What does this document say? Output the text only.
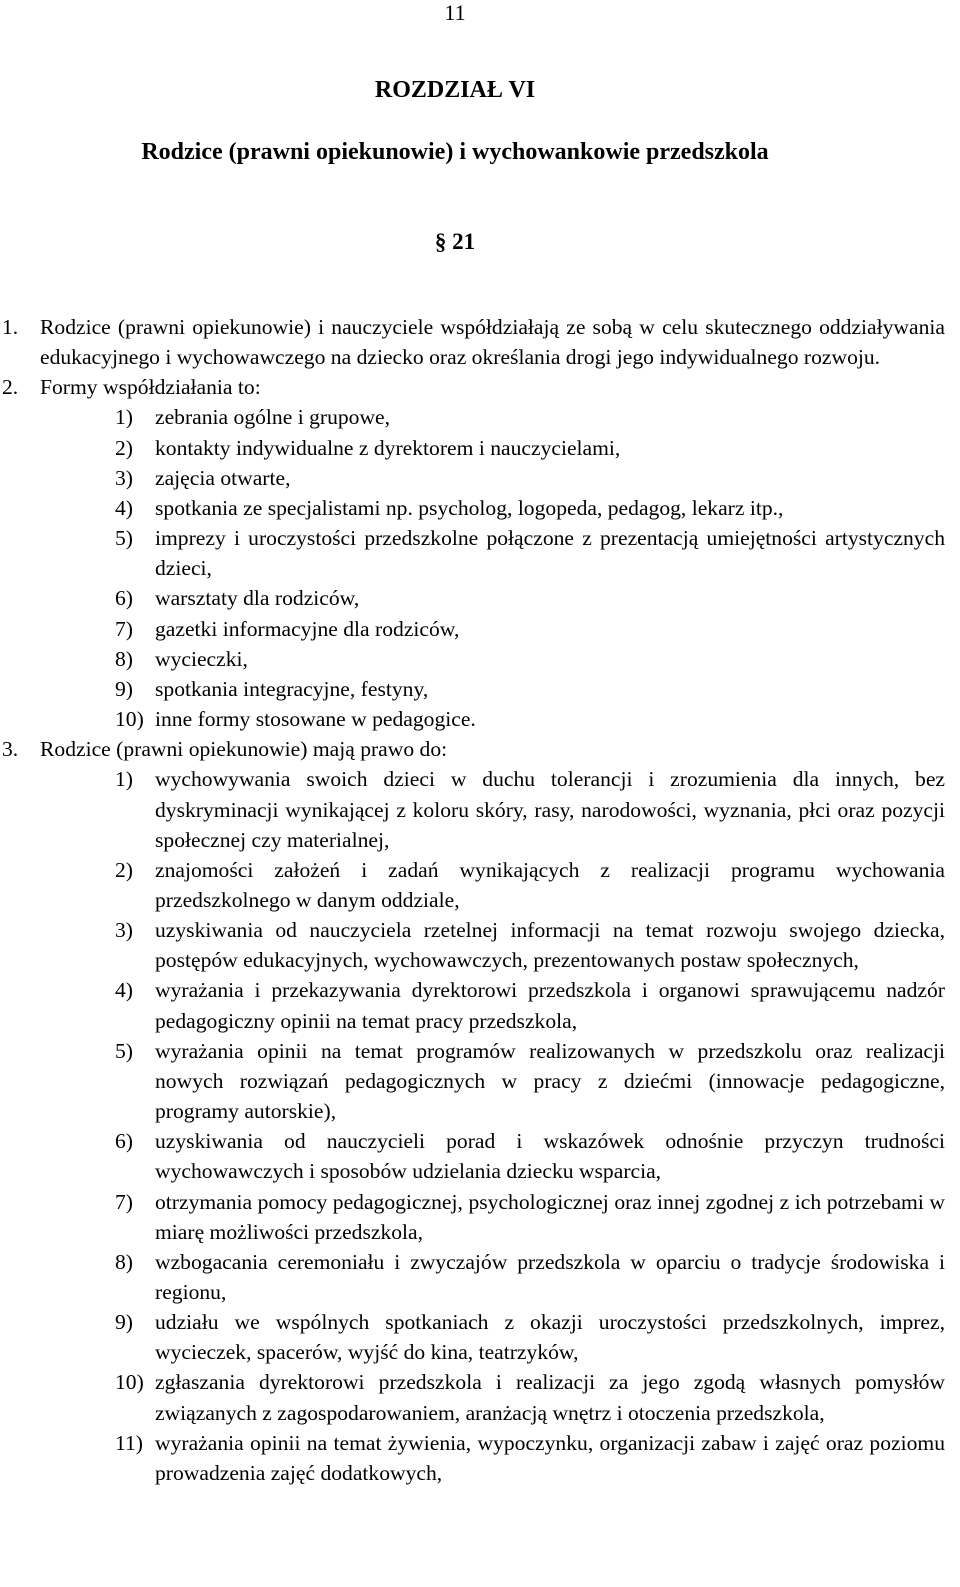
11
ROZDZIAŁ VI
Rodzice (prawni opiekunowie) i wychowankowie przedszkola
§ 21
1. Rodzice (prawni opiekunowie) i nauczyciele współdziałają ze sobą w celu skutecznego oddziaływania edukacyjnego i wychowawczego na dziecko oraz określania drogi jego indywidualnego rozwoju.
2. Formy współdziałania to:
1) zebrania ogólne i grupowe,
2) kontakty indywidualne z dyrektorem i nauczycielami,
3) zajęcia otwarte,
4) spotkania ze specjalistami np. psycholog, logopeda, pedagog, lekarz itp.,
5) imprezy i uroczystości przedszkolne połączone z prezentacją umiejętności artystycznych dzieci,
6) warsztaty dla rodziców,
7) gazetki informacyjne dla rodziców,
8) wycieczki,
9) spotkania integracyjne, festyny,
10) inne formy stosowane w pedagogice.
3. Rodzice (prawni opiekunowie) mają prawo do:
1) wychowywania swoich dzieci w duchu tolerancji i zrozumienia dla innych, bez dyskryminacji wynikającej z koloru skóry, rasy, narodowości, wyznania, płci oraz pozycji społecznej czy materialnej,
2) znajomości założeń i zadań wynikających z realizacji programu wychowania przedszkolnego w danym oddziale,
3) uzyskiwania od nauczyciela rzetelnej informacji na temat rozwoju swojego dziecka, postępów edukacyjnych, wychowawczych, prezentowanych postaw społecznych,
4) wyrażania i przekazywania dyrektorowi przedszkola i organowi sprawującemu nadzór pedagogiczny opinii na temat pracy przedszkola,
5) wyrażania opinii na temat programów realizowanych w przedszkolu oraz realizacji nowych rozwiązań pedagogicznych w pracy z dziećmi (innowacje pedagogiczne, programy autorskie),
6) uzyskiwania od nauczycieli porad i wskazówek odnośnie przyczyn trudności wychowawczych i sposobów udzielania dziecku wsparcia,
7) otrzymania pomocy pedagogicznej, psychologicznej oraz innej zgodnej z ich potrzebami w miarę możliwości przedszkola,
8) wzbogacania ceremoniału i zwyczajów przedszkola w oparciu o tradycje środowiska i regionu,
9) udziału we wspólnych spotkaniach z okazji uroczystości przedszkolnych, imprez, wycieczek, spacerów, wyjść do kina, teatrzyków,
10) zgłaszania dyrektorowi przedszkola i realizacji za jego zgodą własnych pomysłów związanych z zagospodarowaniem, aranżacją wnętrz i otoczenia przedszkola,
11) wyrażania opinii na temat żywienia, wypoczynku, organizacji zabaw i zajęć oraz poziomu prowadzenia zajęć dodatkowych,
